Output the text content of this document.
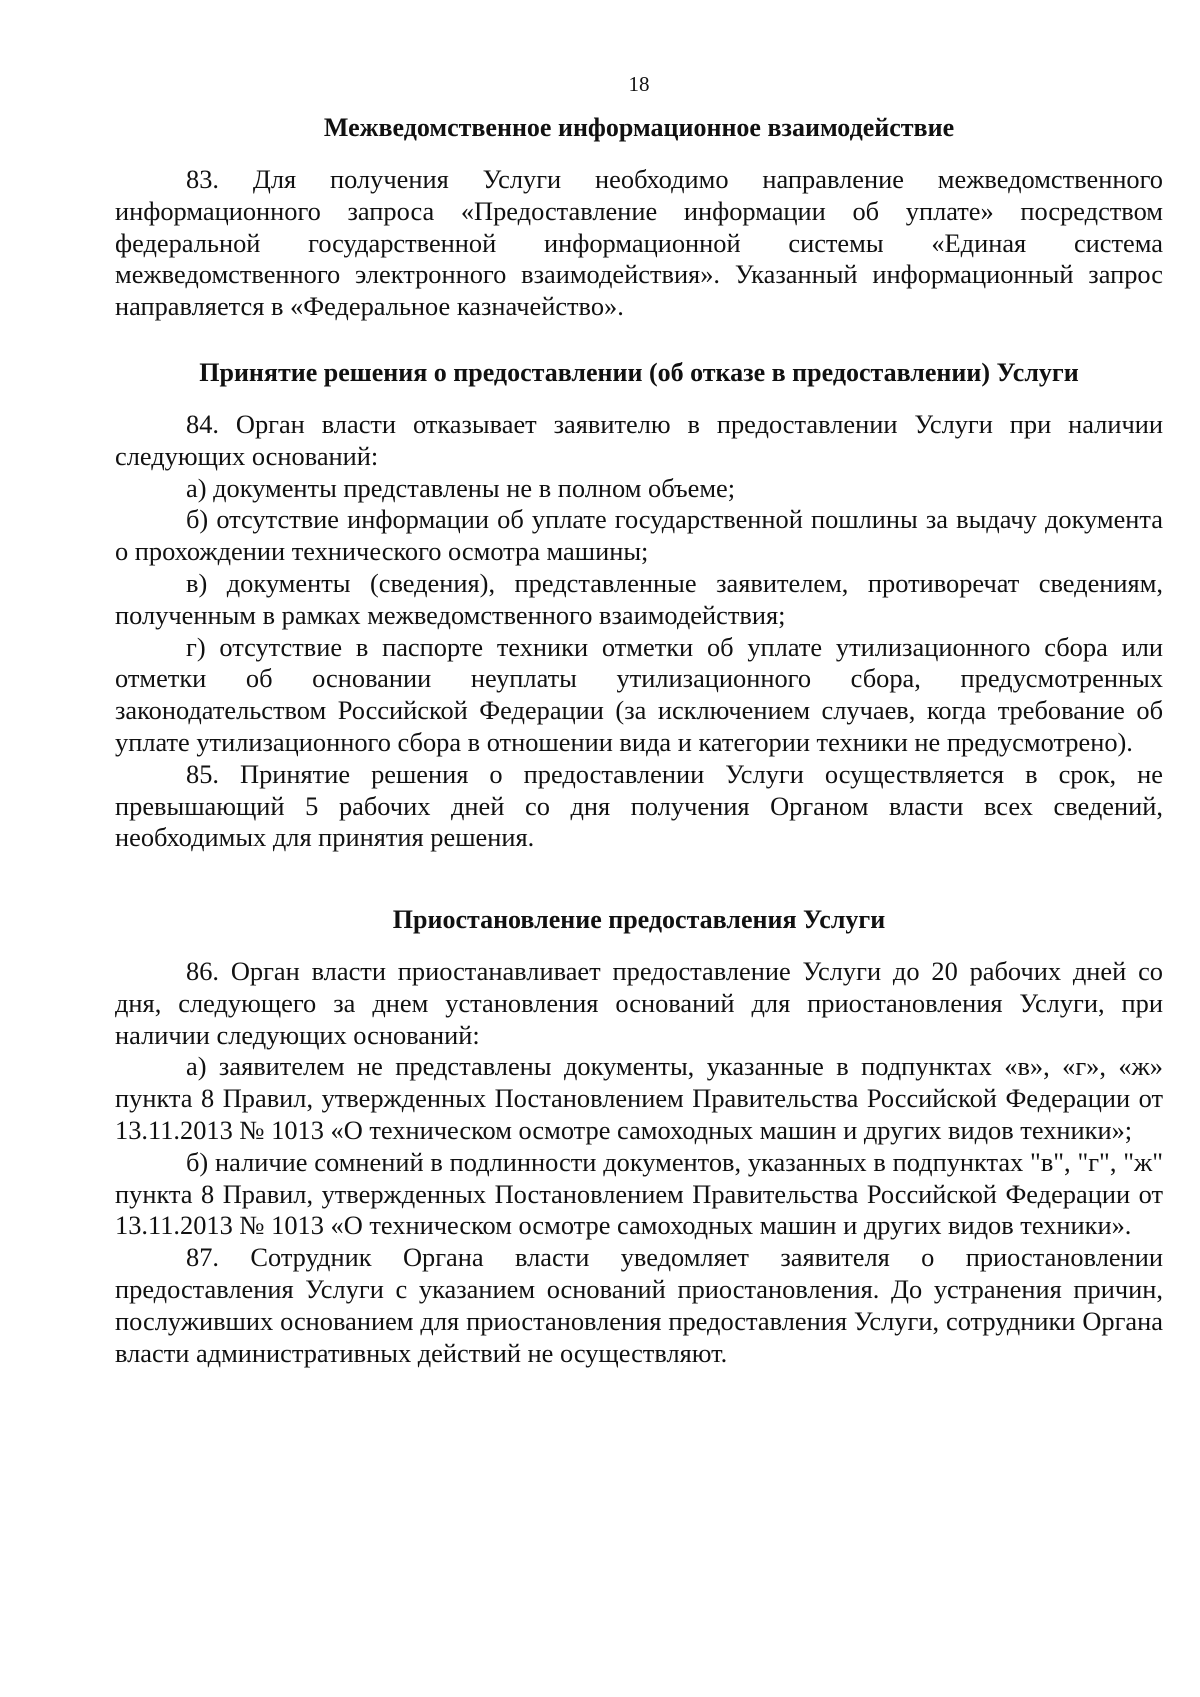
18
Межведомственное информационное взаимодействие

83. Для получения Услуги необходимо направление межведомственного информационного запроса «Предоставление информации об уплате» посредством федеральной государственной информационной системы «Единая система межведомственного электронного взаимодействия». Указанный информационный запрос направляется в «Федеральное казначейство».

Принятие решения о предоставлении (об отказе в предоставлении) Услуги

84. Орган власти отказывает заявителю в предоставлении Услуги при наличии следующих оснований:

а) документы представлены не в полном объеме;

б) отсутствие информации об уплате государственной пошлины за выдачу документа о прохождении технического осмотра машины;

в) документы (сведения), представленные заявителем, противоречат сведениям, полученным в рамках межведомственного взаимодействия;

г) отсутствие в паспорте техники отметки об уплате утилизационного сбора или отметки об основании неуплаты утилизационного сбора, предусмотренных законодательством Российской Федерации (за исключением случаев, когда требование об уплате утилизационного сбора в отношении вида и категории техники не предусмотрено).

85. Принятие решения о предоставлении Услуги осуществляется в срок, не превышающий 5 рабочих дней со дня получения Органом власти всех сведений, необходимых для принятия решения.

Приостановление предоставления Услуги

86. Орган власти приостанавливает предоставление Услуги до 20 рабочих дней со дня, следующего за днем установления оснований для приостановления Услуги, при наличии следующих оснований:

а) заявителем не представлены документы, указанные в подпунктах «в», «г», «ж» пункта 8 Правил, утвержденных Постановлением Правительства Российской Федерации от 13.11.2013 № 1013 «О техническом осмотре самоходных машин и других видов техники»;

б) наличие сомнений в подлинности документов, указанных в подпунктах "в", "г", "ж" пункта 8 Правил, утвержденных Постановлением Правительства Российской Федерации от 13.11.2013 № 1013 «О техническом осмотре самоходных машин и других видов техники».

87. Сотрудник Органа власти уведомляет заявителя о приостановлении предоставления Услуги с указанием оснований приостановления. До устранения причин, послуживших основанием для приостановления предоставления Услуги, сотрудники Органа власти административных действий не осуществляют.
